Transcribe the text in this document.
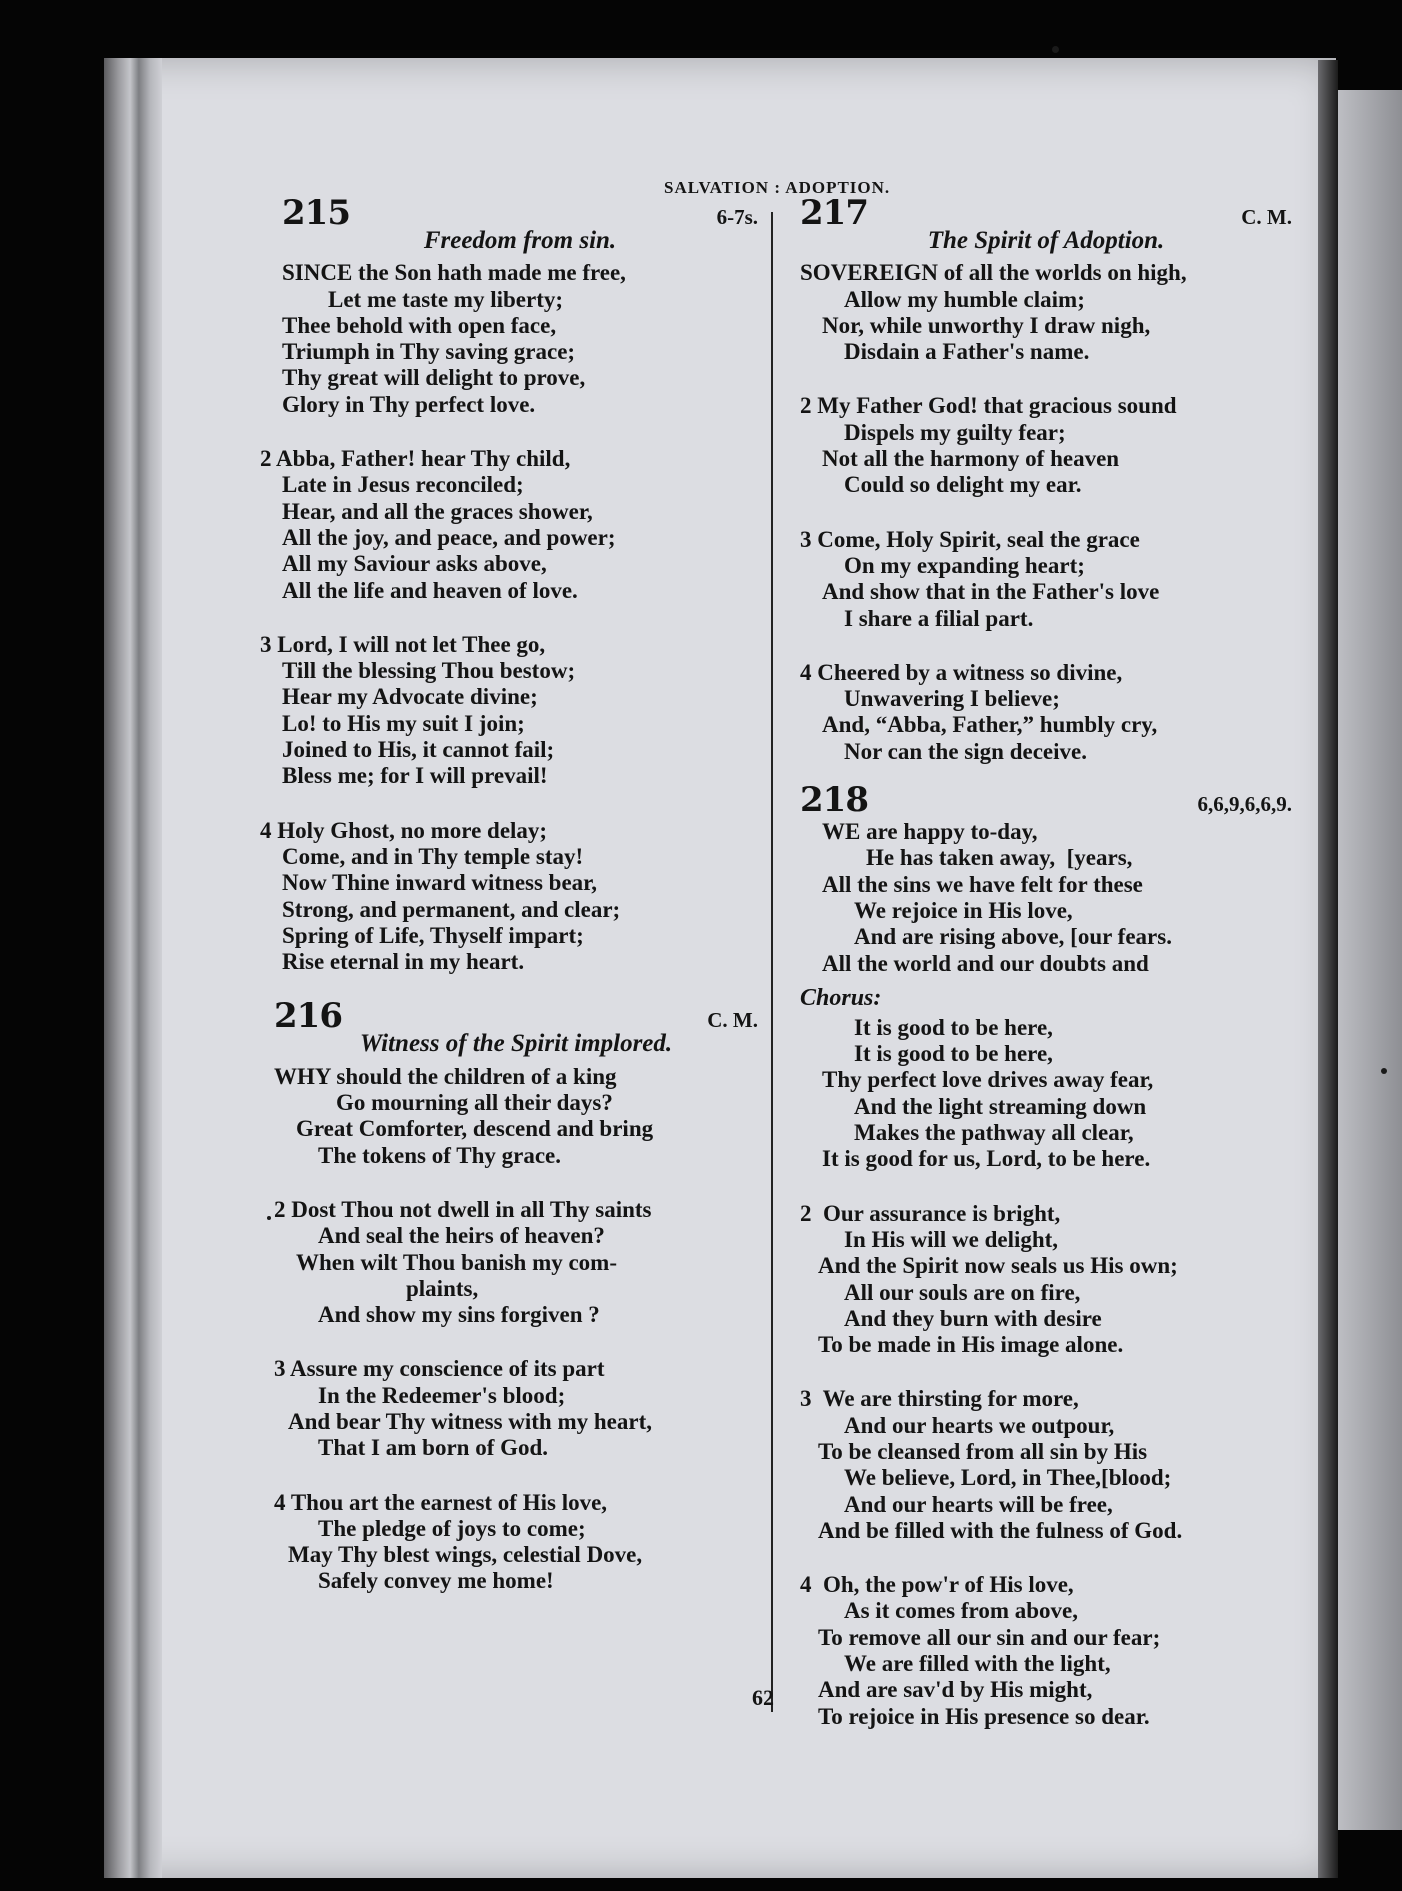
SALVATION : ADOPTION.
215	6-7s.
Freedom from sin.
SINCE the Son hath made me free,
Let me taste my liberty;
Thee behold with open face,
Triumph in Thy saving grace;
Thy great will delight to prove,
Glory in Thy perfect love.
2 Abba, Father! hear Thy child,
Late in Jesus reconciled;
Hear, and all the graces shower,
All the joy, and peace, and power;
All my Saviour asks above,
All the life and heaven of love.
3 Lord, I will not let Thee go,
Till the blessing Thou bestow;
Hear my Advocate divine;
Lo! to His my suit I join;
Joined to His, it cannot fail;
Bless me; for I will prevail!
4 Holy Ghost, no more delay;
Come, and in Thy temple stay!
Now Thine inward witness bear,
Strong, and permanent, and clear;
Spring of Life, Thyself impart;
Rise eternal in my heart.
216	C. M.
Witness of the Spirit implored.
WHY should the children of a king
Go mourning all their days?
Great Comforter, descend and bring
The tokens of Thy grace.
2 Dost Thou not dwell in all Thy saints
And seal the heirs of heaven?
When wilt Thou banish my com-
plaints,
And show my sins forgiven ?
3 Assure my conscience of its part
In the Redeemer's blood;
And bear Thy witness with my heart,
That I am born of God.
4 Thou art the earnest of His love,
The pledge of joys to come;
May Thy blest wings, celestial Dove,
Safely convey me home!
217	C. M.
The Spirit of Adoption.
SOVEREIGN of all the worlds on high,
Allow my humble claim;
Nor, while unworthy I draw nigh,
Disdain a Father's name.
2 My Father God! that gracious sound
Dispels my guilty fear;
Not all the harmony of heaven
Could so delight my ear.
3 Come, Holy Spirit, seal the grace
On my expanding heart;
And show that in the Father's love
I share a filial part.
4 Cheered by a witness so divine,
Unwavering I believe;
And, “Abba, Father,” humbly cry,
Nor can the sign deceive.
218	6,6,9,6,6,9.
WE are happy to-day,
He has taken away,  [years,
All the sins we have felt for these
We rejoice in His love,
And are rising above, [our fears.
All the world and our doubts and
Chorus:
It is good to be here,
It is good to be here,
Thy perfect love drives away fear,
And the light streaming down
Makes the pathway all clear,
It is good for us, Lord, to be here.
2  Our assurance is bright,
In His will we delight,
And the Spirit now seals us His own;
All our souls are on fire,
And they burn with desire
To be made in His image alone.
3  We are thirsting for more,
And our hearts we outpour,
To be cleansed from all sin by His
We believe, Lord, in Thee,[blood;
And our hearts will be free,
And be filled with the fulness of God.
4  Oh, the pow'r of His love,
As it comes from above,
To remove all our sin and our fear;
We are filled with the light,
And are sav'd by His might,
To rejoice in His presence so dear.
62
